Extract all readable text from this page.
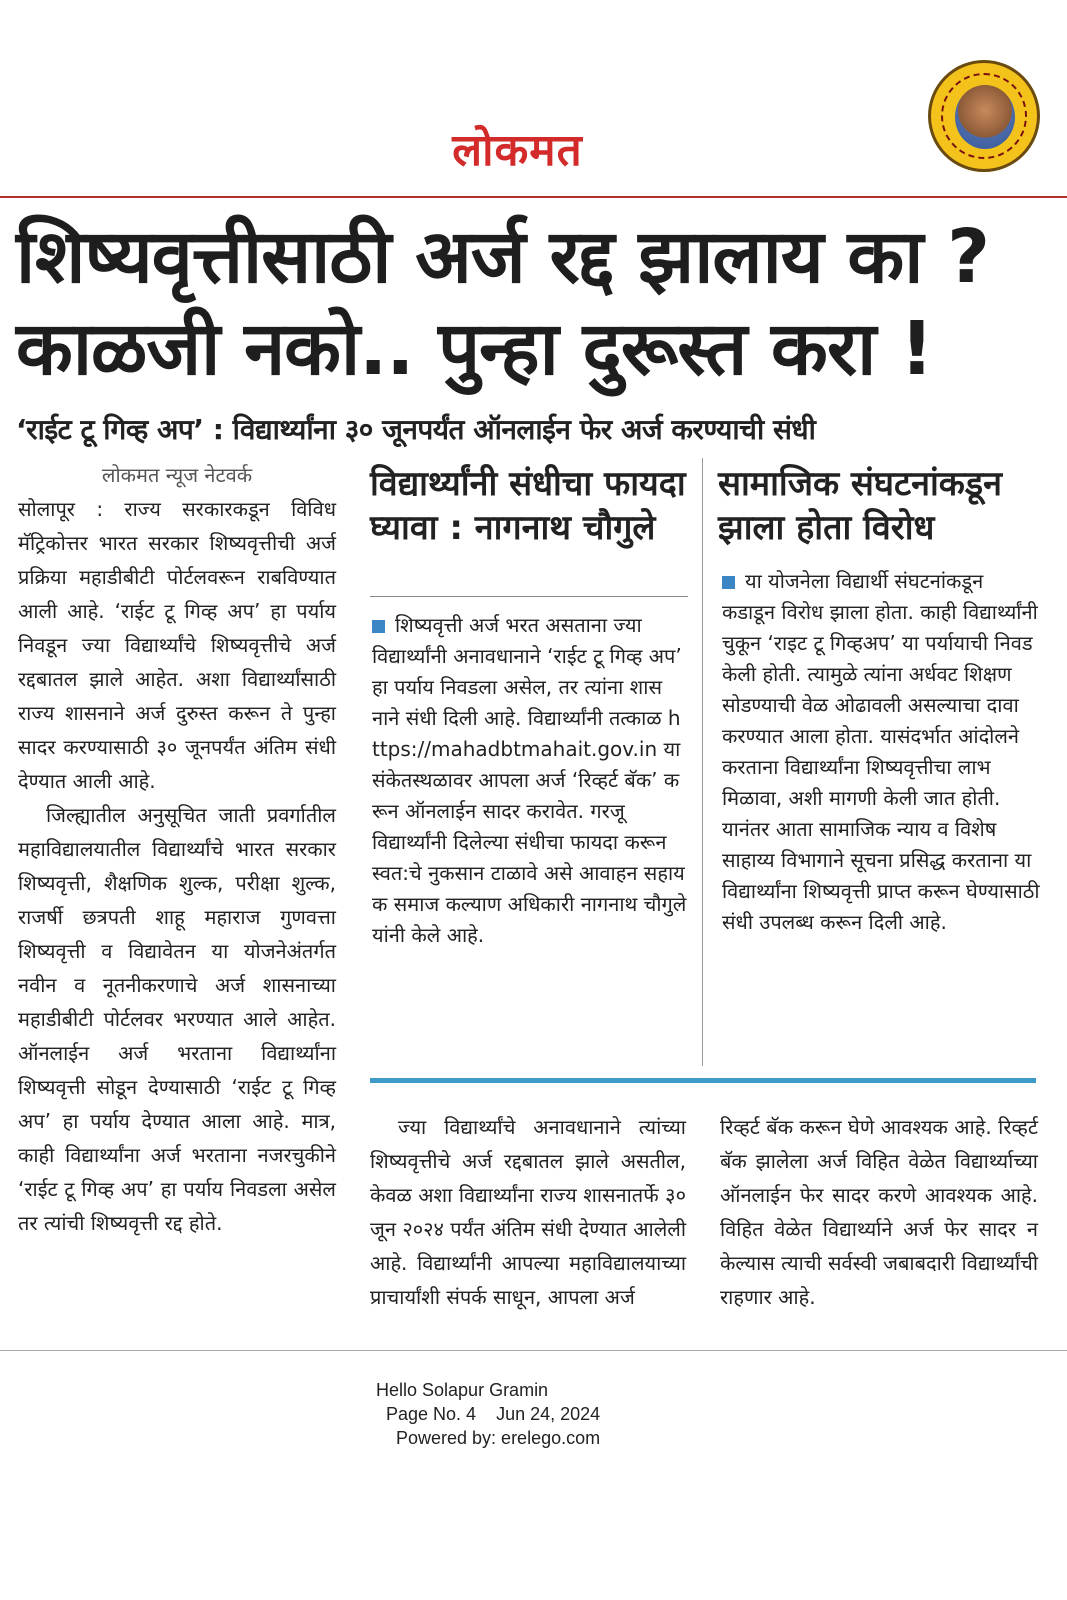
लोकमत
शिष्यवृत्तीसाठी अर्ज रद्द झालाय का ?
काळजी नको.. पुन्हा दुरूस्त करा !
‘राईट टू गिव्ह अप’ : विद्यार्थ्यांना ३० जूनपर्यंत ऑनलाईन फेर अर्ज करण्याची संधी

लोकमत न्यूज नेटवर्क

सोलापूर : राज्य सरकारकडून विविध मॅट्रिकोत्तर भारत सरकार शिष्यवृत्तीची अर्ज प्रक्रिया महाडीबीटी पोर्टलवरून राबविण्यात आली आहे. ‘राईट टू गिव्ह अप’ हा पर्याय निवडून ज्या विद्यार्थ्यांचे शिष्यवृत्तीचे अर्ज रद्दबातल झाले आहेत. अशा विद्यार्थ्यांसाठी राज्य शासनाने अर्ज दुरुस्त करून ते पुन्हा सादर करण्यासाठी ३० जूनपर्यंत अंतिम संधी देण्यात आली आहे.

जिल्ह्यातील अनुसूचित जाती प्रवर्गातील महाविद्यालयातील विद्यार्थ्यांचे भारत सरकार शिष्यवृत्ती, शैक्षणिक शुल्क, परीक्षा शुल्क, राजर्षी छत्रपती शाहू महाराज गुणवत्ता शिष्यवृत्ती व विद्यावेतन या योजनेअंतर्गत नवीन व नूतनीकरणाचे अर्ज शासनाच्या महाडीबीटी पोर्टलवर भरण्यात आले आहेत. ऑनलाईन अर्ज भरताना विद्यार्थ्यांना शिष्यवृत्ती सोडून देण्यासाठी ‘राईट टू गिव्ह अप’ हा पर्याय देण्यात आला आहे. मात्र, काही विद्यार्थ्यांना अर्ज भरताना नजरचुकीने ‘राईट टू गिव्ह अप’ हा पर्याय निवडला असेल तर त्यांची शिष्यवृत्ती रद्द होते.

विद्यार्थ्यांनी संधीचा फायदा घ्यावा : नागनाथ चौगुले

शिष्यवृत्ती अर्ज भरत असताना ज्या विद्यार्थ्यांनी अनावधानाने ‘राईट टू गिव्ह अप’ हा पर्याय निवडला असेल, तर त्यांना शासनाने संधी दिली आहे. विद्यार्थ्यांनी तत्काळ https://mahadbtmahait.gov.in या संकेतस्थळावर आपला अर्ज ‘रिव्हर्ट बॅक’ करून ऑनलाईन सादर करावेत. गरजू विद्यार्थ्यांनी दिलेल्या संधीचा फायदा करून स्वत:चे नुकसान टाळावे असे आवाहन सहायक समाज कल्याण अधिकारी नागनाथ चौगुले यांनी केले आहे.

सामाजिक संघटनांकडून झाला होता विरोध

या योजनेला विद्यार्थी संघटनांकडून कडाडून विरोध झाला होता. काही विद्यार्थ्यांनी चुकून ‘राइट टू गिव्हअप’ या पर्यायाची निवड केली होती. त्यामुळे त्यांना अर्धवट शिक्षण सोडण्याची वेळ ओढावली असल्याचा दावा करण्यात आला होता. यासंदर्भात आंदोलने करताना विद्यार्थ्यांना शिष्यवृत्तीचा लाभ मिळावा, अशी मागणी केली जात होती. यानंतर आता सामाजिक न्याय व विशेष साहाय्य विभागाने सूचना प्रसिद्ध करताना या विद्यार्थ्यांना शिष्यवृत्ती प्राप्त करून घेण्यासाठी संधी उपलब्ध करून दिली आहे.

ज्या विद्यार्थ्यांचे अनावधानाने त्यांच्या शिष्यवृत्तीचे अर्ज रद्दबातल झाले असतील, केवळ अशा विद्यार्थ्यांना राज्य शासनातर्फे ३० जून २०२४ पर्यंत अंतिम संधी देण्यात आलेली आहे. विद्यार्थ्यांनी आपल्या महाविद्यालयाच्या प्राचार्यांशी संपर्क साधून, आपला अर्ज

रिव्हर्ट बॅक करून घेणे आवश्यक आहे. रिव्हर्ट बॅक झालेला अर्ज विहित वेळेत विद्यार्थ्याच्या ऑनलाईन फेर सादर करणे आवश्यक आहे. विहित वेळेत विद्यार्थ्याने अर्ज फेर सादर न केल्यास त्याची सर्वस्वी जबाबदारी विद्यार्थ्यांची राहणार आहे.

Hello Solapur Gramin
Page No. 4    Jun 24, 2024
Powered by: erelego.com
